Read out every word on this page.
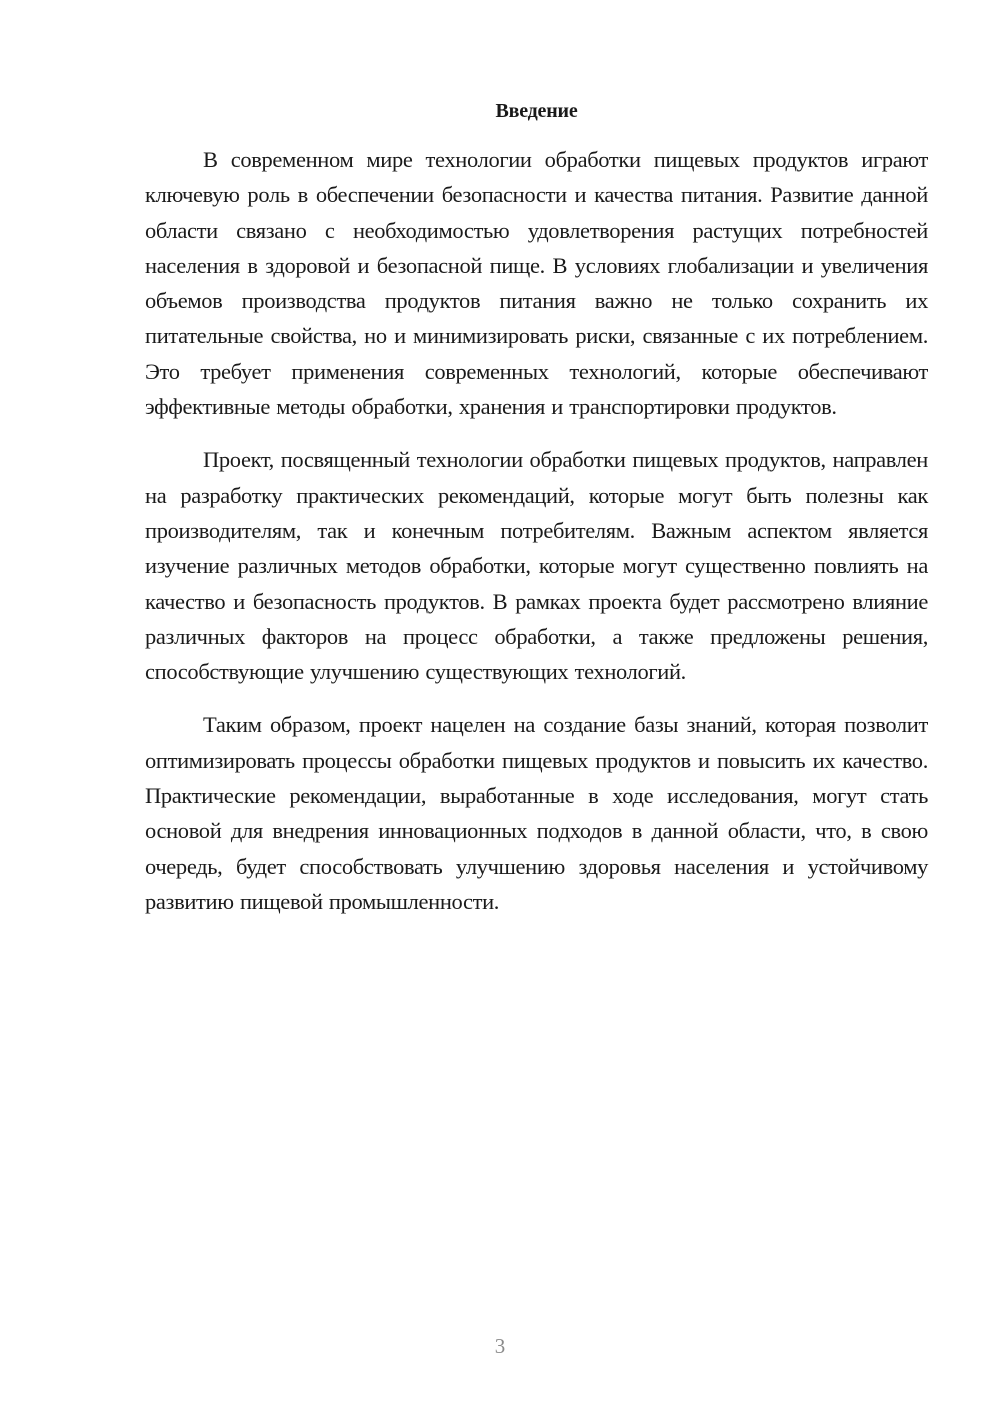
Введение

В современном мире технологии обработки пищевых продуктов играют ключевую роль в обеспечении безопасности и качества питания. Развитие данной области связано с необходимостью удовлетворения растущих потребностей населения в здоровой и безопасной пище. В условиях глобализации и увеличения объемов производства продуктов питания важно не только сохранить их питательные свойства, но и минимизировать риски, связанные с их потреблением. Это требует применения современных технологий, которые обеспечивают эффективные методы обработки, хранения и транспортировки продуктов.

Проект, посвященный технологии обработки пищевых продуктов, направлен на разработку практических рекомендаций, которые могут быть полезны как производителям, так и конечным потребителям. Важным аспектом является изучение различных методов обработки, которые могут существенно повлиять на качество и безопасность продуктов. В рамках проекта будет рассмотрено влияние различных факторов на процесс обработки, а также предложены решения, способствующие улучшению существующих технологий.

Таким образом, проект нацелен на создание базы знаний, которая позволит оптимизировать процессы обработки пищевых продуктов и повысить их качество. Практические рекомендации, выработанные в ходе исследования, могут стать основой для внедрения инновационных подходов в данной области, что, в свою очередь, будет способствовать улучшению здоровья населения и устойчивому развитию пищевой промышленности.

3
